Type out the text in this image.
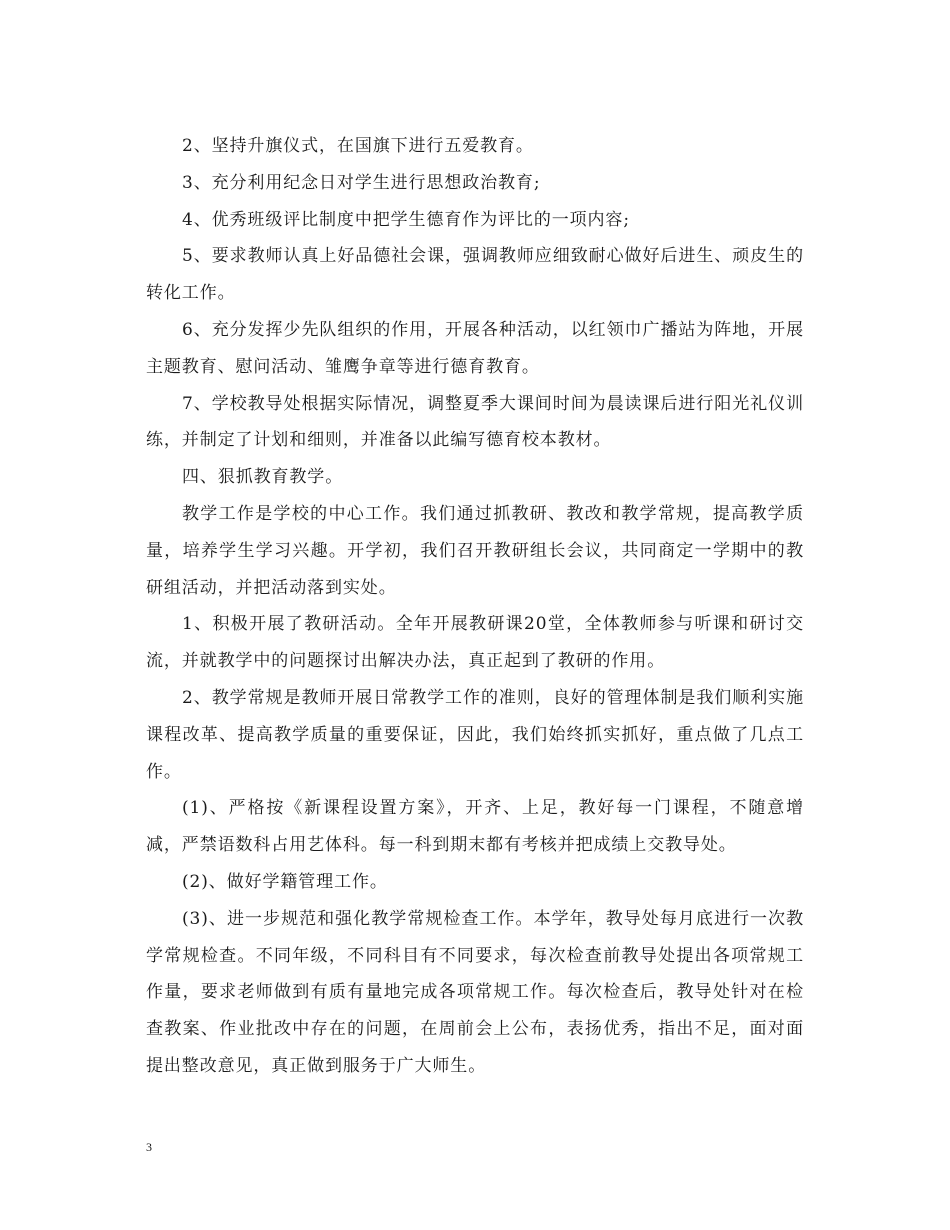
2、坚持升旗仪式，在国旗下进行五爱教育。

3、充分利用纪念日对学生进行思想政治教育;

4、优秀班级评比制度中把学生德育作为评比的一项内容;

5、要求教师认真上好品德社会课，强调教师应细致耐心做好后进生、顽皮生的转化工作。

6、充分发挥少先队组织的作用，开展各种活动，以红领巾广播站为阵地，开展主题教育、慰问活动、雏鹰争章等进行德育教育。

7、学校教导处根据实际情况，调整夏季大课间时间为晨读课后进行阳光礼仪训练，并制定了计划和细则，并准备以此编写德育校本教材。

四、狠抓教育教学。

教学工作是学校的中心工作。我们通过抓教研、教改和教学常规，提高教学质量，培养学生学习兴趣。开学初，我们召开教研组长会议，共同商定一学期中的教研组活动，并把活动落到实处。

1、积极开展了教研活动。全年开展教研课20堂，全体教师参与听课和研讨交流，并就教学中的问题探讨出解决办法，真正起到了教研的作用。

2、教学常规是教师开展日常教学工作的准则，良好的管理体制是我们顺利实施课程改革、提高教学质量的重要保证，因此，我们始终抓实抓好，重点做了几点工作。

(1)、严格按《新课程设置方案》，开齐、上足，教好每一门课程，不随意增减，严禁语数科占用艺体科。每一科到期末都有考核并把成绩上交教导处。

(2)、做好学籍管理工作。

(3)、进一步规范和强化教学常规检查工作。本学年，教导处每月底进行一次教学常规检查。不同年级，不同科目有不同要求，每次检查前教导处提出各项常规工作量，要求老师做到有质有量地完成各项常规工作。每次检查后，教导处针对在检查教案、作业批改中存在的问题，在周前会上公布，表扬优秀，指出不足，面对面提出整改意见，真正做到服务于广大师生。

3
